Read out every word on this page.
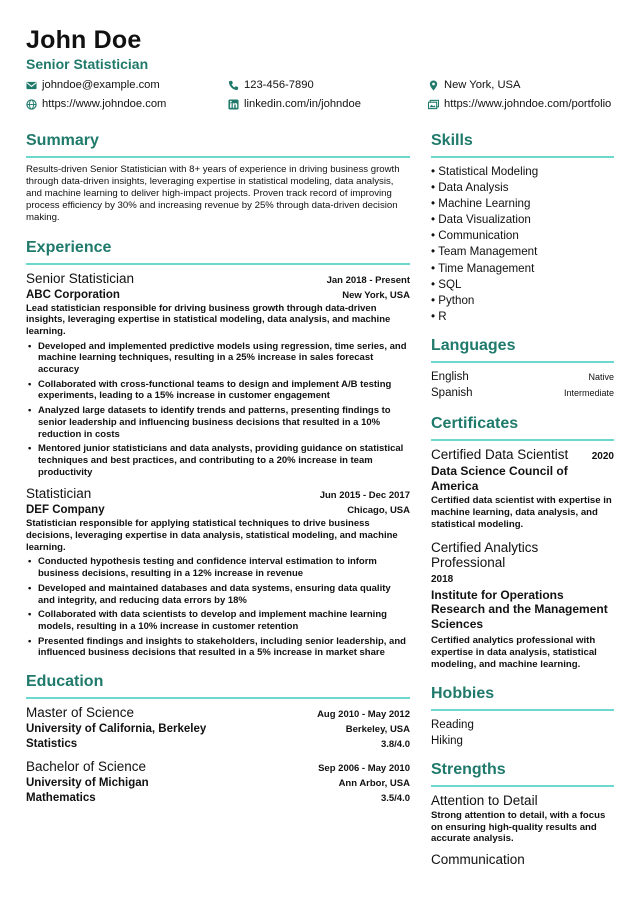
John Doe
Senior Statistician
johndoe@example.com	123-456-7890	New York, USA
https://www.johndoe.com	linkedin.com/in/johndoe	https://www.johndoe.com/portfolio
Summary
Results-driven Senior Statistician with 8+ years of experience in driving business growth through data-driven insights, leveraging expertise in statistical modeling, data analysis, and machine learning to deliver high-impact projects. Proven track record of improving process efficiency by 30% and increasing revenue by 25% through data-driven decision making.
Experience
Senior Statistician	Jan 2018 - Present
ABC Corporation	New York, USA
Lead statistician responsible for driving business growth through data-driven insights, leveraging expertise in statistical modeling, data analysis, and machine learning.
• Developed and implemented predictive models using regression, time series, and machine learning techniques, resulting in a 25% increase in sales forecast accuracy
• Collaborated with cross-functional teams to design and implement A/B testing experiments, leading to a 15% increase in customer engagement
• Analyzed large datasets to identify trends and patterns, presenting findings to senior leadership and influencing business decisions that resulted in a 10% reduction in costs
• Mentored junior statisticians and data analysts, providing guidance on statistical techniques and best practices, and contributing to a 20% increase in team productivity
Statistician	Jun 2015 - Dec 2017
DEF Company	Chicago, USA
Statistician responsible for applying statistical techniques to drive business decisions, leveraging expertise in data analysis, statistical modeling, and machine learning.
• Conducted hypothesis testing and confidence interval estimation to inform business decisions, resulting in a 12% increase in revenue
• Developed and maintained databases and data systems, ensuring data quality and integrity, and reducing data errors by 18%
• Collaborated with data scientists to develop and implement machine learning models, resulting in a 10% increase in customer retention
• Presented findings and insights to stakeholders, including senior leadership, and influenced business decisions that resulted in a 5% increase in market share
Education
Master of Science	Aug 2010 - May 2012
University of California, Berkeley	Berkeley, USA
Statistics	3.8/4.0
Bachelor of Science	Sep 2006 - May 2010
University of Michigan	Ann Arbor, USA
Mathematics	3.5/4.0
Skills
• Statistical Modeling
• Data Analysis
• Machine Learning
• Data Visualization
• Communication
• Team Management
• Time Management
• SQL
• Python
• R
Languages
English	Native
Spanish	Intermediate
Certificates
Certified Data Scientist 2020
Data Science Council of America
Certified data scientist with expertise in machine learning, data analysis, and statistical modeling.
Certified Analytics Professional
2018
Institute for Operations Research and the Management Sciences
Certified analytics professional with expertise in data analysis, statistical modeling, and machine learning.
Hobbies
Reading
Hiking
Strengths
Attention to Detail
Strong attention to detail, with a focus on ensuring high-quality results and accurate analysis.
Communication
